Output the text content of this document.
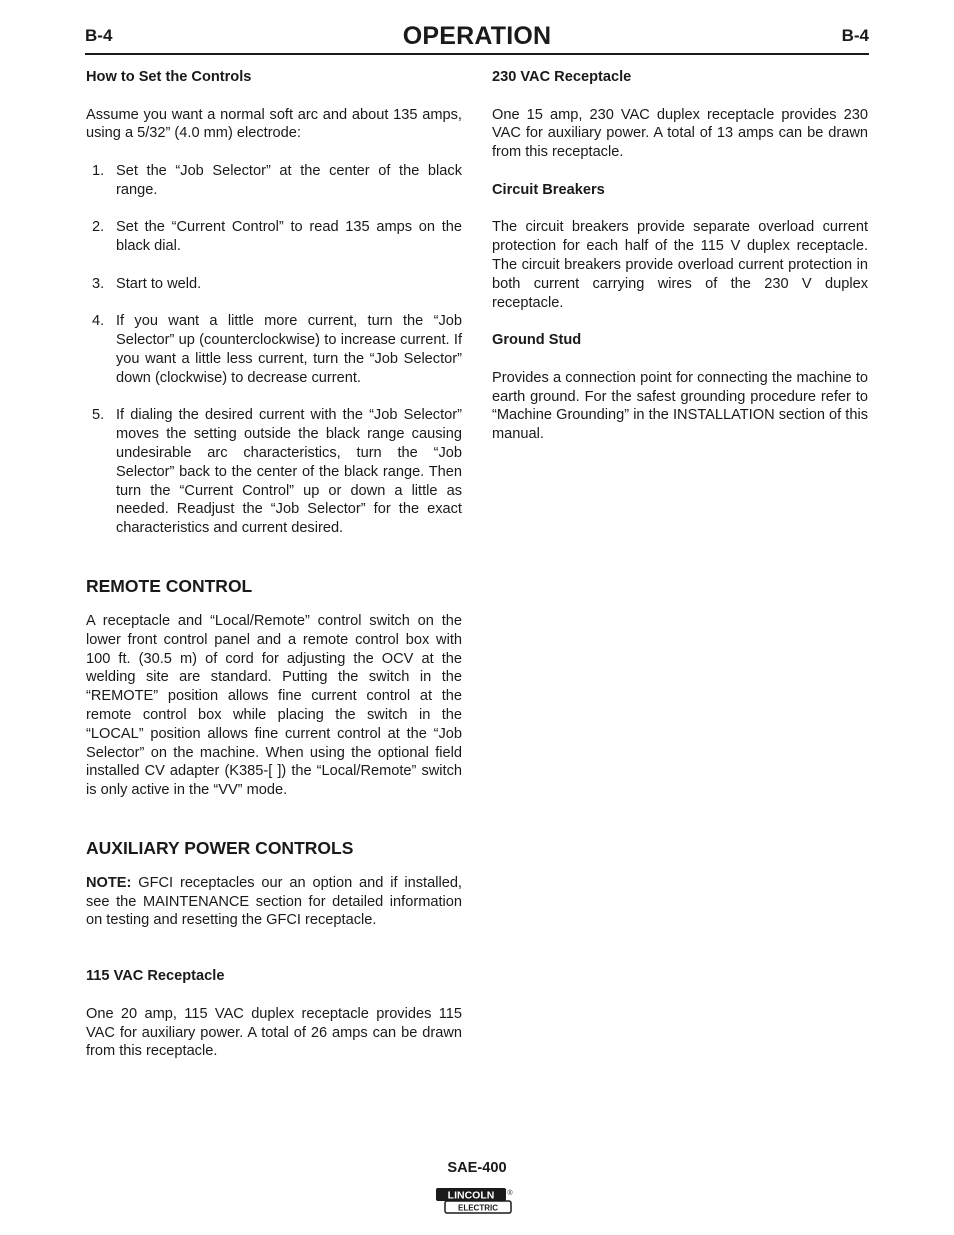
B-4	OPERATION	B-4
How to Set the Controls
Assume you want a normal soft arc and about 135 amps, using a 5/32” (4.0 mm) electrode:
1. Set the “Job Selector” at the center of the black range.
2. Set the “Current Control” to read 135 amps on the black dial.
3. Start to weld.
4. If you want a little more current, turn the “Job Selector” up (counterclockwise) to increase current. If you want a little less current, turn the “Job Selector” down (clockwise) to decrease current.
5. If dialing the desired current with the “Job Selector” moves the setting outside the black range causing undesirable arc characteristics, turn the “Job Selector” back to the center of the black range. Then turn the “Current Control” up or down a little as needed. Readjust the “Job Selector” for the exact characteristics and current desired.
REMOTE CONTROL
A receptacle and “Local/Remote” control switch on the lower front control panel and a remote control box with 100 ft. (30.5 m) of cord for adjusting the OCV at the welding site are standard. Putting the switch in the “REMOTE” position allows fine current control at the remote control box while placing the switch in the “LOCAL” position allows fine current control at the “Job Selector” on the machine. When using the optional field installed CV adapter (K385-[ ]) the “Local/Remote” switch is only active in the “VV” mode.
AUXILIARY POWER CONTROLS
NOTE: GFCI receptacles our an option and if installed, see the MAINTENANCE section for detailed information on testing and resetting the GFCI receptacle.
115 VAC Receptacle
One 20 amp, 115 VAC duplex receptacle provides 115 VAC for auxiliary power. A total of 26 amps can be drawn from this receptacle.
230 VAC Receptacle
One 15 amp, 230 VAC duplex receptacle provides 230 VAC for auxiliary power. A total of 13 amps can be drawn from this receptacle.
Circuit Breakers
The circuit breakers provide separate overload current protection for each half of the 115 V duplex receptacle. The circuit breakers provide overload current protection in both current carrying wires of the 230 V duplex receptacle.
Ground Stud
Provides a connection point for connecting the machine to earth ground. For the safest grounding procedure refer to “Machine Grounding” in the INSTALLATION section of this manual.
SAE-400
LINCOLN ®
ELECTRIC
